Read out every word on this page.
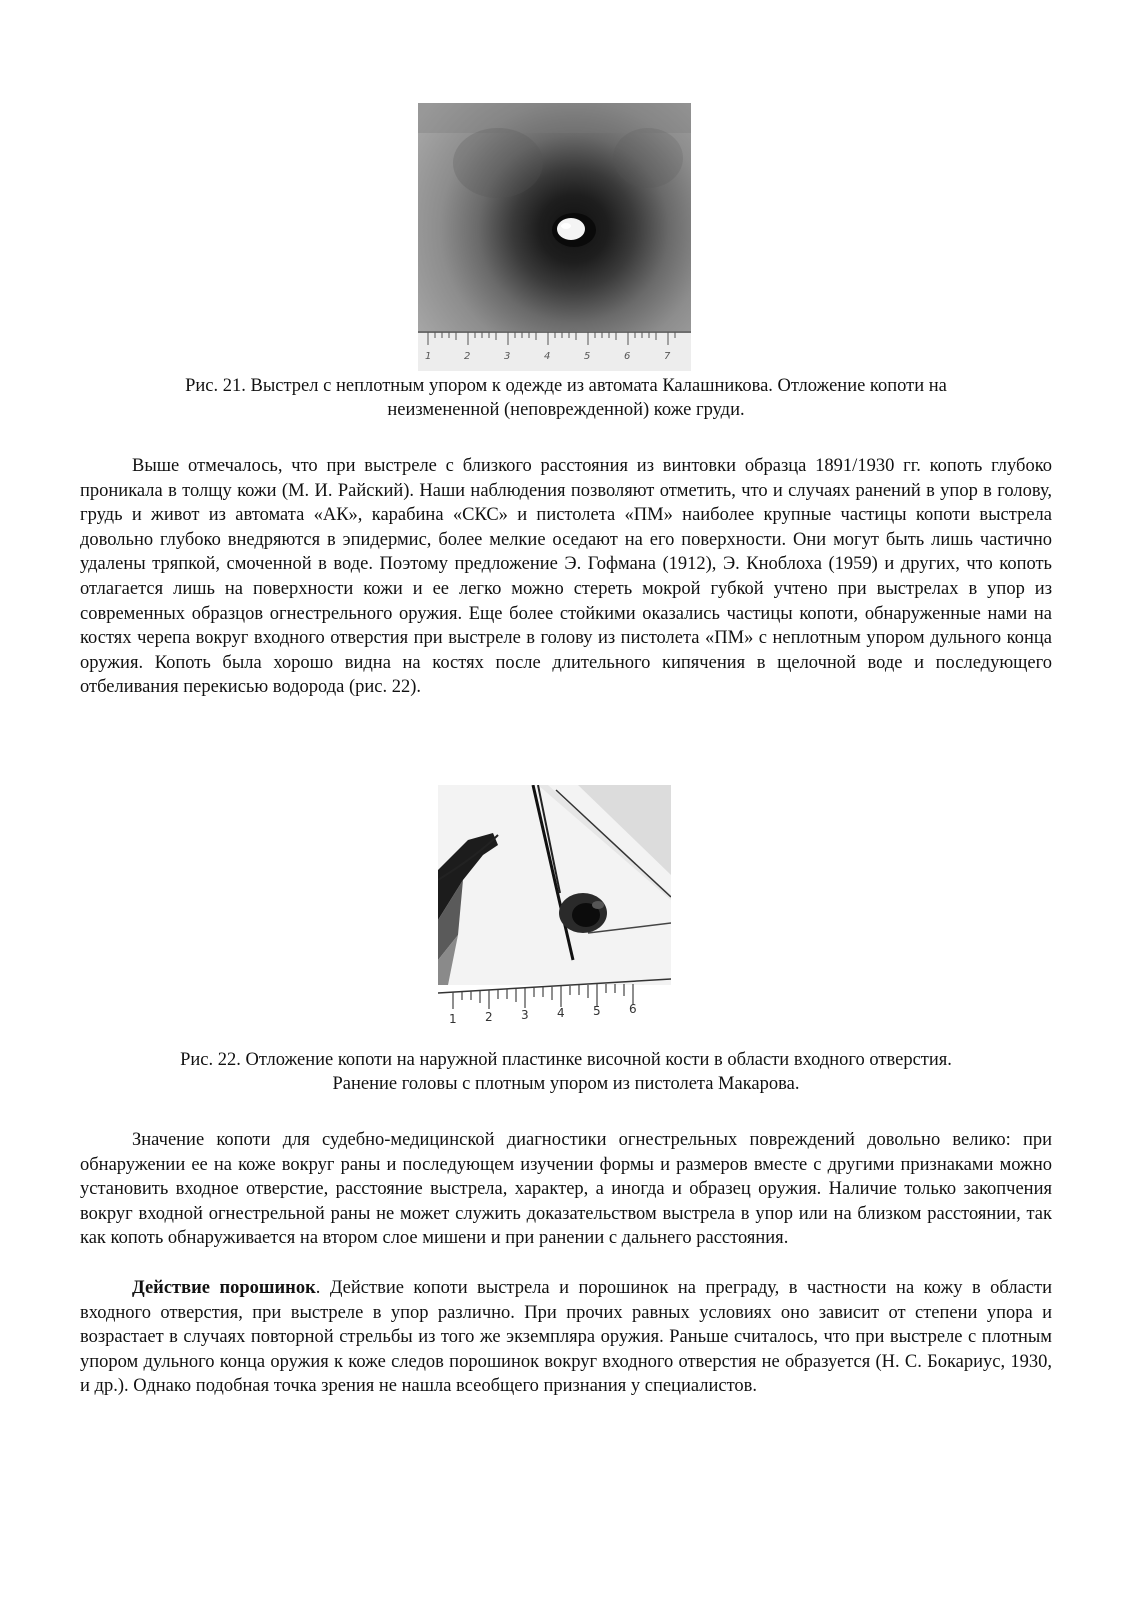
1	2	3	4	5	6	7
Рис. 21. Выстрел с неплотным упором к одежде из автомата Калашникова. Отложение копоти на
неизмененной (неповрежденной) коже груди.

Выше отмечалось, что при выстреле с близкого расстояния из винтовки образца 1891/1930 гг. копоть глубоко проникала в толщу кожи (М. И. Райский). Наши наблюдения позволяют отметить, что и случаях ранений в упор в голову, грудь и живот из автомата «АК», карабина «СКС» и пистолета «ПМ» наиболее крупные частицы копоти выстрела довольно глубоко внедряются в эпидермис, более мелкие оседают на его поверхности. Они могут быть лишь частично удалены тряпкой, смоченной в воде. Поэтому предложение Э. Гофмана (1912), Э. Кноблоха (1959) и других, что копоть отлагается лишь на поверхности кожи и ее легко можно стереть мокрой губкой учтено при выстрелах в упор из современных образцов огнестрельного оружия. Еще более стойкими оказались частицы копоти, обнаруженные нами на костях черепа вокруг входного отверстия при выстреле в голову из пистолета «ПМ» с неплотным упором дульного конца оружия. Копоть была хорошо видна на костях после длительного кипячения в щелочной воде и последующего отбеливания перекисью водорода (рис. 22).

1 2 3 4 5 6
Рис. 22. Отложение копоти на наружной пластинке височной кости в области входного отверстия.
Ранение головы с плотным упором из пистолета Макарова.

Значение копоти для судебно-медицинской диагностики огнестрельных повреждений довольно велико: при обнаружении ее на коже вокруг раны и последующем изучении формы и размеров вместе с другими признаками можно установить входное отверстие, расстояние выстрела, характер, а иногда и образец оружия. Наличие только закопчения вокруг входной огнестрельной раны не может служить доказательством выстрела в упор или на близком расстоянии, так как копоть обнаруживается на втором слое мишени и при ранении с дальнего расстояния.

Действие порошинок. Действие копоти выстрела и порошинок на преграду, в частности на кожу в области входного отверстия, при выстреле в упор различно. При прочих равных условиях оно зависит от степени упора и возрастает в случаях повторной стрельбы из того же экземпляра оружия. Раньше считалось, что при выстреле с плотным упором дульного конца оружия к коже следов порошинок вокруг входного отверстия не образуется (Н. С. Бокариус, 1930, и др.). Однако подобная точка зрения не нашла всеобщего признания у специалистов.
